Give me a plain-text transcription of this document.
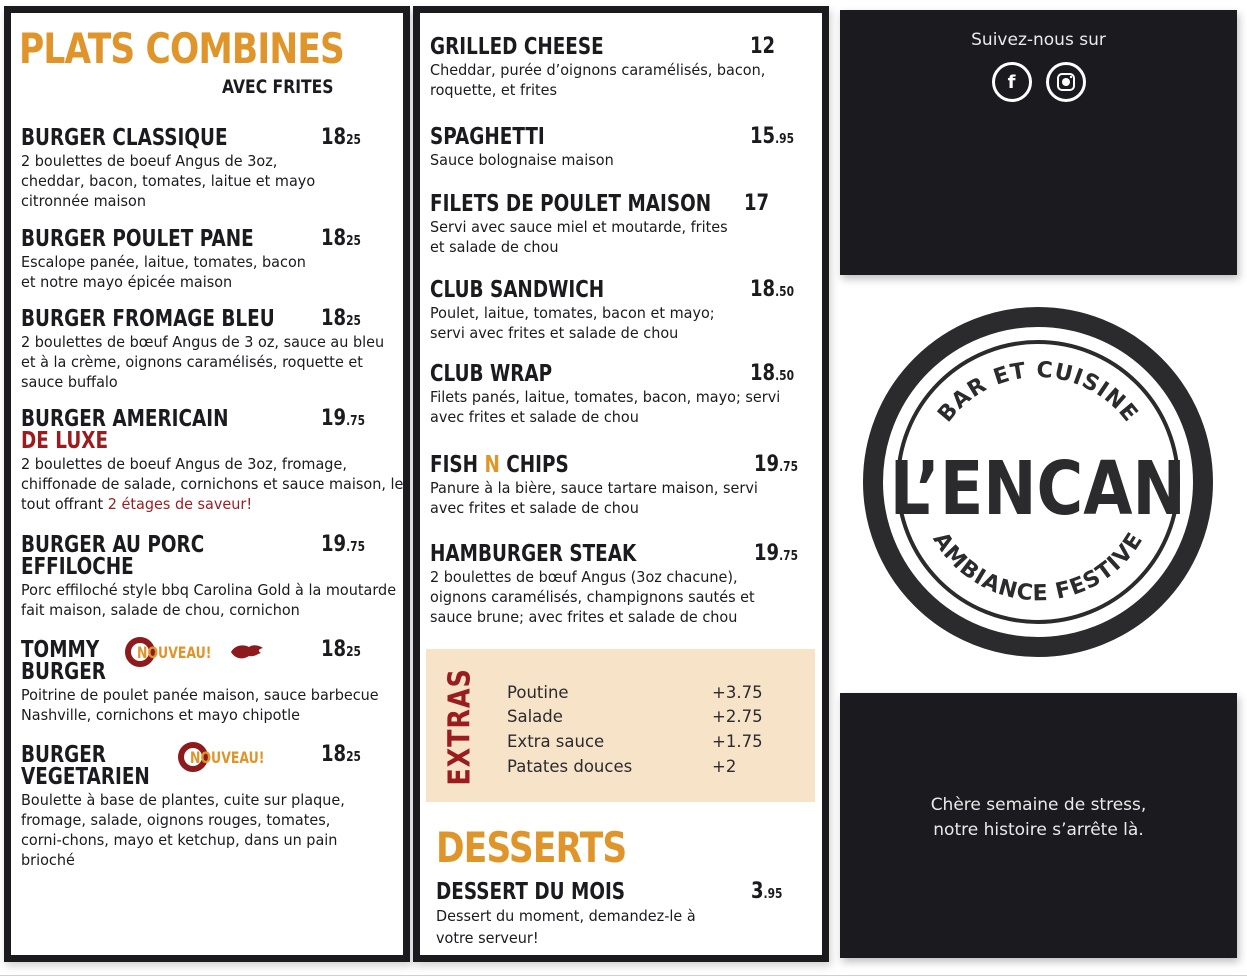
PLATS COMBINES
AVEC FRITES
BURGER CLASSIQUE	1825
2 boulettes de boeuf Angus de 3oz, cheddar, bacon, tomates, laitue et mayo citronnée maison
BURGER POULET PANE	1825
Escalope panée, laitue, tomates, bacon et notre mayo épicée maison
BURGER FROMAGE BLEU	1825
2 boulettes de bœuf Angus de 3 oz, sauce au bleu et à la crème, oignons caramélisés, roquette et sauce buffalo
BURGER AMERICAIN
DE LUXE
19.75
2 boulettes de boeuf Angus de 3oz, fromage, chiffonade de salade, cornichons et sauce maison, le tout offrant 2 étages de saveur!
BURGER AU PORC
EFFILOCHE
19.75
Porc effiloché style bbq Carolina Gold à la moutarde fait maison, salade de chou, cornichon
TOMMY
BURGER
NOUVEAU!	1825
Poitrine de poulet panée maison, sauce barbecue Nashville, cornichons et mayo chipotle
BURGER
VEGETARIEN
NOUVEAU!	1825
Boulette à base de plantes, cuite sur plaque, fromage, salade, oignons rouges, tomates, corni-chons, mayo et ketchup, dans un pain brioché
GRILLED CHEESE	12
Cheddar, purée d’oignons caramélisés, bacon, roquette, et frites
SPAGHETTI	15.95
Sauce bolognaise maison
FILETS DE POULET MAISON	17
Servi avec sauce miel et moutarde, frites et salade de chou
CLUB SANDWICH	18.50
Poulet, laitue, tomates, bacon et mayo; servi avec frites et salade de chou
CLUB WRAP	18.50
Filets panés, laitue, tomates, bacon, mayo; servi avec frites et salade de chou
FISH N CHIPS	19.75
Panure à la bière, sauce tartare maison, servi avec frites et salade de chou
HAMBURGER STEAK	19.75
2 boulettes de bœuf Angus (3oz chacune), oignons caramélisés, champignons sautés et sauce brune; avec frites et salade de chou
EXTRAS Poutine	+3.75
Salade	+2.75
Extra sauce	+1.75
Patates douces	+2
DESSERTS
DESSERT DU MOIS	3.95
Dessert du moment, demandez-le à votre serveur!
Suivez-nous sur
f
BAR ET CUISINE
AMBIANCE FESTIVE
L’ENCAN
Chère semaine de stress,
notre histoire s’arrête là.
